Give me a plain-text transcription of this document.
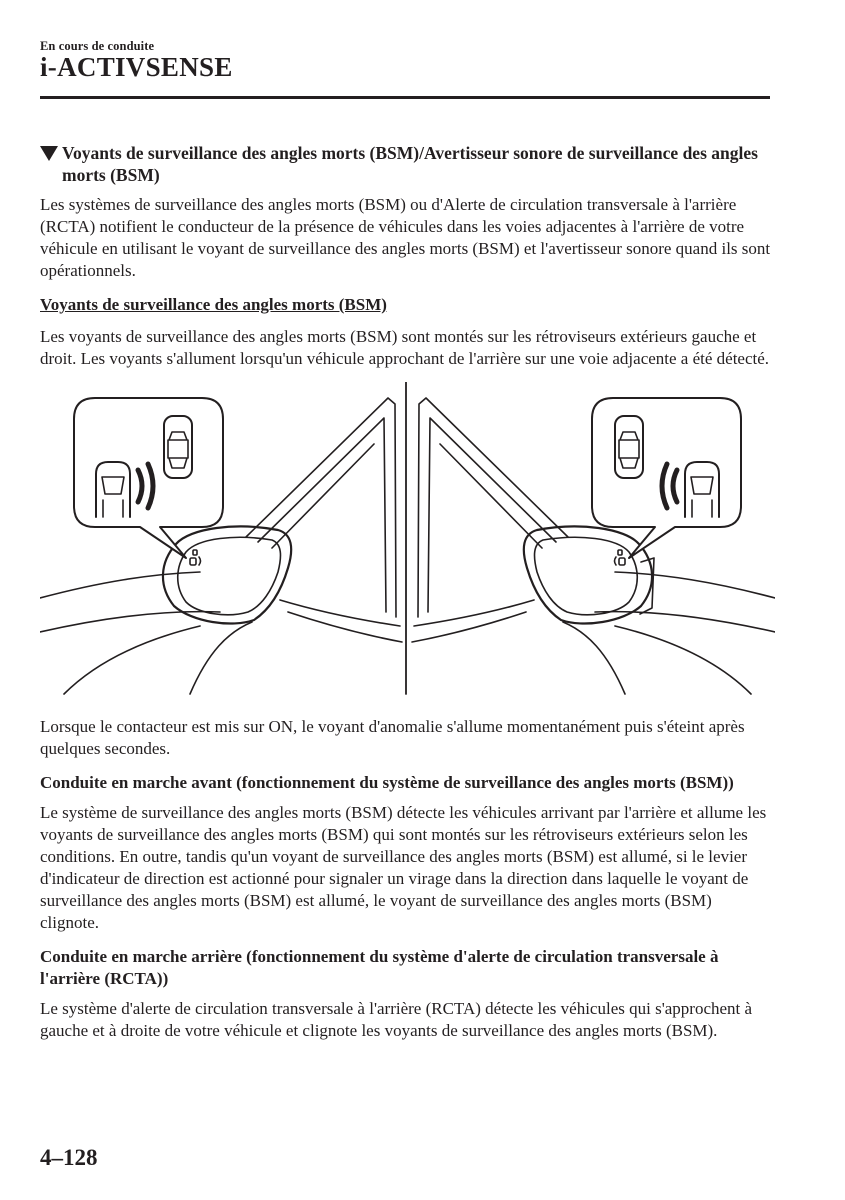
En cours de conduite
i-ACTIVSENSE
Voyants de surveillance des angles morts (BSM)/Avertisseur sonore de surveillance des angles morts (BSM)

Les systèmes de surveillance des angles morts (BSM) ou d'Alerte de circulation transversale à l'arrière (RCTA) notifient le conducteur de la présence de véhicules dans les voies adjacentes à l'arrière de votre véhicule en utilisant le voyant de surveillance des angles morts (BSM) et l'avertisseur sonore quand ils sont opérationnels.

Voyants de surveillance des angles morts (BSM)

Les voyants de surveillance des angles morts (BSM) sont montés sur les rétroviseurs extérieurs gauche et droit. Les voyants s'allument lorsqu'un véhicule approchant de l'arrière sur une voie adjacente a été détecté.

Lorsque le contacteur est mis sur ON, le voyant d'anomalie s'allume momentanément puis s'éteint après quelques secondes.

Conduite en marche avant (fonctionnement du système de surveillance des angles morts (BSM))

Le système de surveillance des angles morts (BSM) détecte les véhicules arrivant par l'arrière et allume les voyants de surveillance des angles morts (BSM) qui sont montés sur les rétroviseurs extérieurs selon les conditions. En outre, tandis qu'un voyant de surveillance des angles morts (BSM) est allumé, si le levier d'indicateur de direction est actionné pour signaler un virage dans la direction dans laquelle le voyant de surveillance des angles morts (BSM) est allumé, le voyant de surveillance des angles morts (BSM) clignote.

Conduite en marche arrière (fonctionnement du système d'alerte de circulation transversale à l'arrière (RCTA))

Le système d'alerte de circulation transversale à l'arrière (RCTA) détecte les véhicules qui s'approchent à gauche et à droite de votre véhicule et clignote les voyants de surveillance des angles morts (BSM).

4–128
